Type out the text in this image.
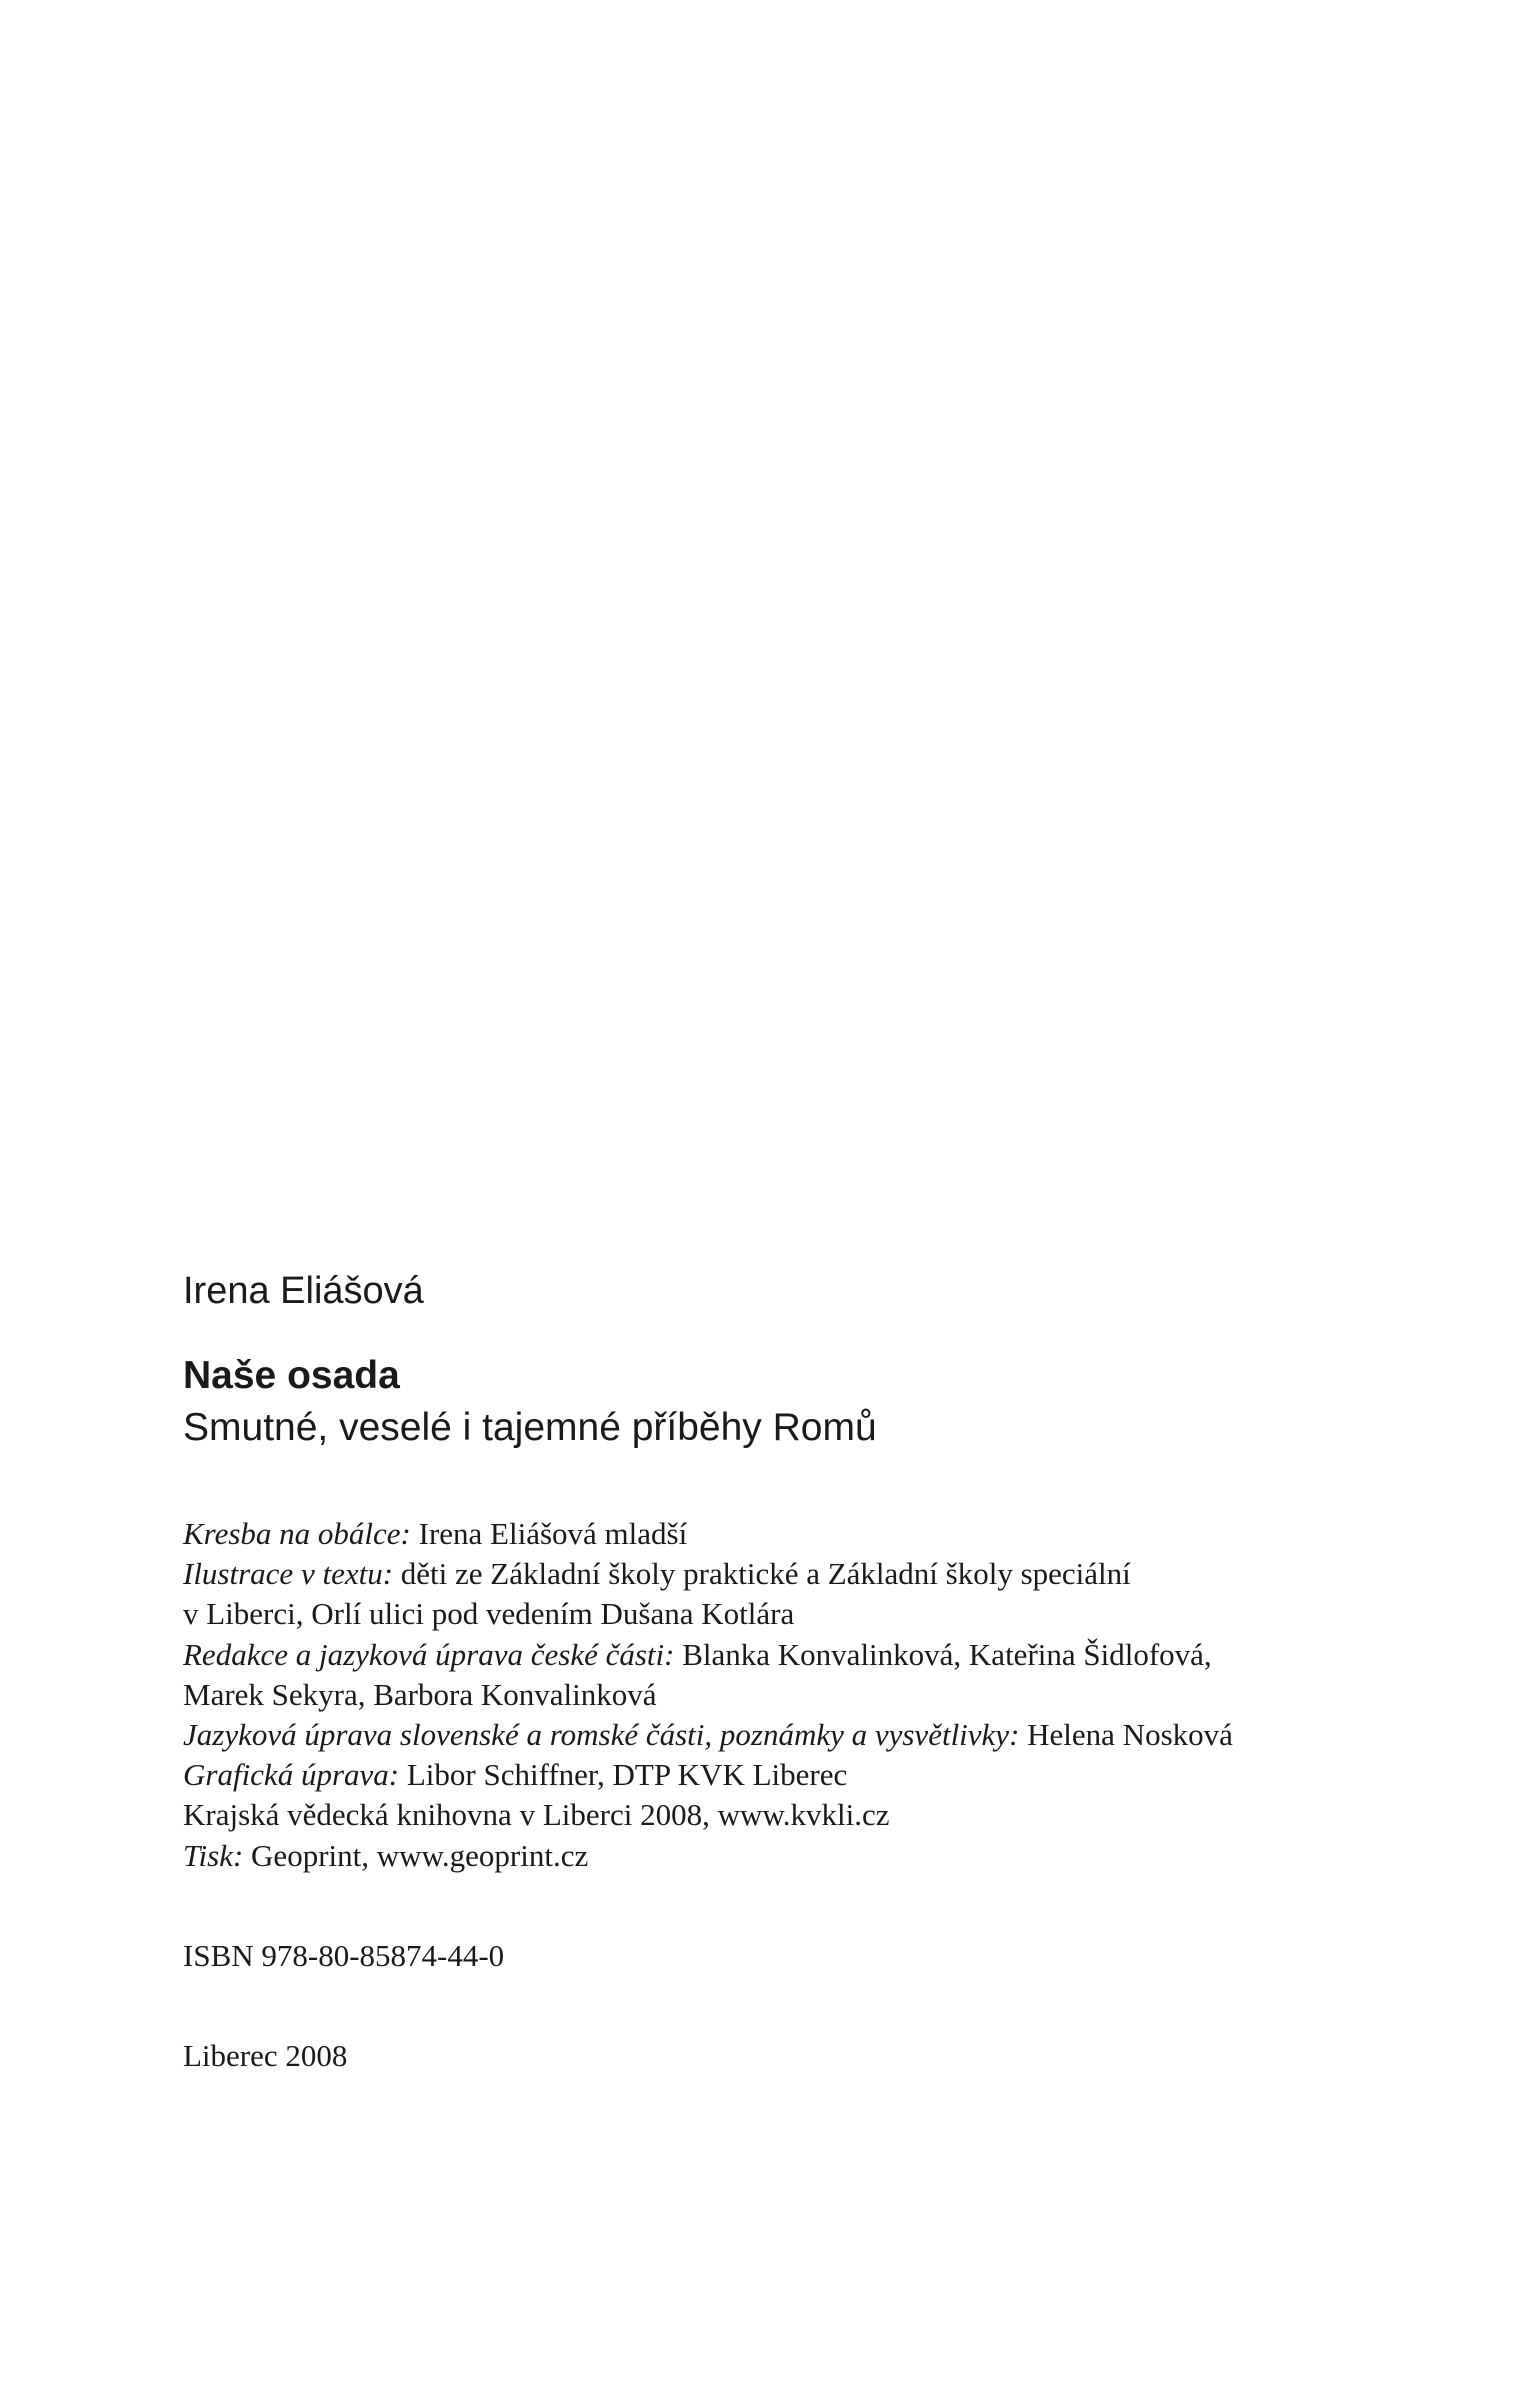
Irena Eliášová
Naše osada
Smutné, veselé i tajemné příběhy Romů
Kresba na obálce: Irena Eliášová mladší
Ilustrace v textu: děti ze Základní školy praktické a Základní školy speciální
v Liberci, Orlí ulici pod vedením Dušana Kotlára
Redakce a jazyková úprava české části: Blanka Konvalinková, Kateřina Šidlofová,
Marek Sekyra, Barbora Konvalinková
Jazyková úprava slovenské a romské části, poznámky a vysvětlivky: Helena Nosková
Grafická úprava: Libor Schiffner, DTP KVK Liberec
Krajská vědecká knihovna v Liberci 2008, www.kvkli.cz
Tisk: Geoprint, www.geoprint.cz
ISBN 978-80-85874-44-0
Liberec 2008
